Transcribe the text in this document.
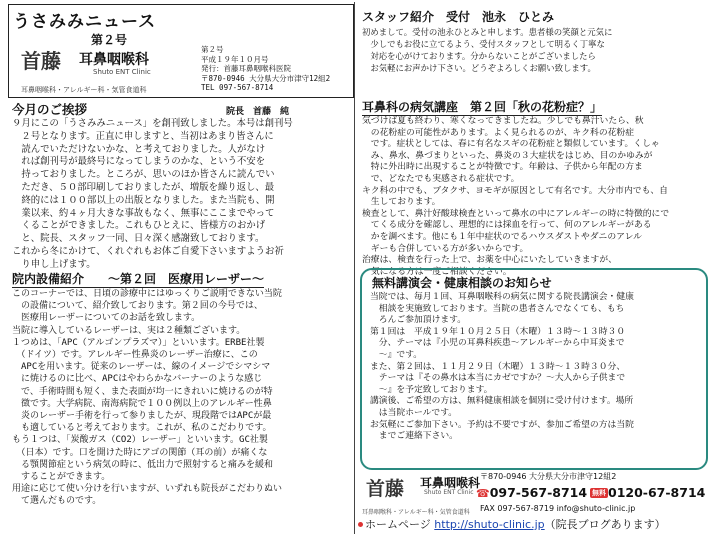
うさみみニュース
第２号
首藤 耳鼻咽喉科
Shuto ENT Clinic
耳鼻咽喉科・アレルギー科・気管食道科
第２号
平成１９年１０月号
発行：首藤耳鼻咽喉科医院
〒870-0946 大分県大分市津守12組2
TEL 097-567-8714
今月のご挨拶	院長　首藤　純
９月にこの「うさみみニュース」を創刊致しました。本号は創刊号
　２号となります。正直に申しますと、当初はあまり皆さんに
　読んでいただけないかな、と考えておりました。人がなけ
　れば創刊号が最終号になってしまうのかな、という不安を
　持っておりました。ところが、思いのほか皆さんに読んでい
　ただき、５０部印刷しておりましたが、増版を繰り返し、最
　終的には１００部以上の出版となりました。また当院も、開
　業以来、約４ヶ月大きな事故もなく、無事にここまでやって
　くることができました。これもひとえに、皆様方のおかげ
　と、院長、スタッフ一同、日々深く感謝致しております。
これから冬にかけて、くれぐれもお体ご自愛下さいますようお祈
　り申し上げます。
院内設備紹介　　～第２回　医療用レーザー～
このコーナーでは、日頃の診療中にはゆっくりご説明できない当院
　の設備について、紹介致しております。第２回の今号では、
　医療用レーザーについてのお話を致します。
当院に導入しているレーザーは、実は２種類ございます。
１つめは、「APC（アルゴンプラズマ）」といいます。ERBE社製
　（ドイツ）です。アレルギー性鼻炎のレーザー治療に、この
　APCを用います。従来のレーザーは、線のイメージでシマシマ
　に焼けるのに比べ、APCはやわらかなバーナーのような感じ
　で、手術時間も短く、また表面が均一にきれいに焼けるのが特
　徴です。大学病院、南海病院で１００例以上のアレルギー性鼻
　炎のレーザー手術を行って参りましたが、現段階ではAPCが最
　も適していると考えております。これが、私のこだわりです。
もう１つは、「炭酸ガス（CO2）レーザー」といいます。GC社製
　（日本）です。口を開けた時にアゴの関節（耳の前）が痛くな
　る顎関節症という病気の時に、低出力で照射すると痛みを緩和
　することができます。
用途に応じて使い分けを行いますが、いずれも院長がこだわりぬい
　て選んだものです。
スタッフ紹介　受付　池永　ひとみ
初めまして。受付の池永ひとみと申します。患者様の笑顔と元気に
　少しでもお役に立てるよう、受付スタッフとして明るく丁寧な
　対応を心がけております。分からないことがございましたら
　お気軽にお声かけ下さい。どうぞよろしくお願い致します。
耳鼻科の病気講座　第２回「秋の花粉症？」
気づけば夏も終わり、寒くなってきましたね。少しでも鼻汁いたら、秋
　の花粉症の可能性があります。よく見られるのが、キク科の花粉症
　です。症状としては、春に有名なスギの花粉症と類似しています。くしゃ
　み、鼻水、鼻づまりといった、鼻炎の３大症状をはじめ、目のかゆみが
　特に外出時に出現することが特徴です。年齢は、子供から年配の方ま
　で、どなたでも実感される症状です。
キク科の中でも、ブタクサ、ヨモギが原因として有名です。大分市内でも、自
　生しております。
検査として、鼻汁好酸球検査といって鼻水の中にアレルギーの時に特徴的にで
　てくる成分を確認し、理想的には採血を行って、何のアレルギーがある
　かを調べます。他にも１年中症状のでるハウスダストやダニのアレル
　ギーも合併している方が多いからです。
治療は、検査を行った上で、お薬を中心にいたしていきますが、
　気になる方は一度ご相談ください。
無料講演会・健康相談のお知らせ
当院では、毎月１回、耳鼻咽喉科の病気に関する院長講演会・健康
　相談を実施致しております。当院の患者さんでなくても、もち
　ろんご参加頂けます。
第１回は　平成１９年１０月２５日（木曜）１３時～１３時３０
　分、テーマは『小児の耳鼻科疾患～アレルギーから中耳炎まで
　～』です。
また、第２回は、１１月２９日（木曜）１３時～１３時３０分、
　テーマは『その鼻水は本当にカゼですか？～大人から子供まで
　～』を予定致しております。
講演後、ご希望の方は、無料健康相談を個別に受け付けます。場所
　は当院ホールです。
お気軽にご参加下さい。予約は不要ですが、参加ご希望の方は当院
　までご連絡下さい。
首藤 耳鼻咽喉科
Shuto ENT Clinic
〒870-0946 大分県大分市津守12組2
☎097-567-8714 無料 0120-67-8714
FAX 097-567-8719 info@shuto-clinic.jp
耳鼻咽喉科・アレルギー科・気管食道科
ホームページ http://shuto-clinic.jp（院長ブログあります）
